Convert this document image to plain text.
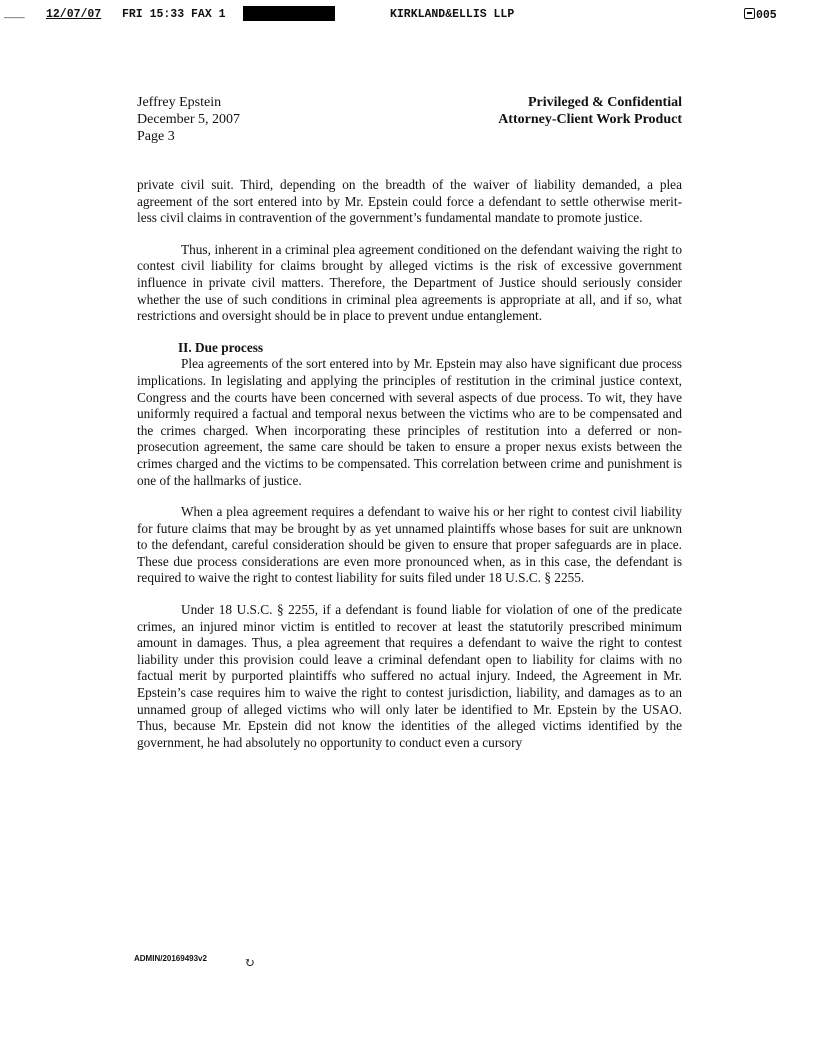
___ 12/07/07 FRI 15:33 FAX 1	KIRKLAND&ELLIS LLP	005
Jeffrey Epstein
December 5, 2007
Page 3
Privileged & Confidential
Attorney-Client Work Product

private civil suit. Third, depending on the breadth of the waiver of liability demanded, a plea agreement of the sort entered into by Mr. Epstein could force a defendant to settle otherwise merit-less civil claims in contravention of the government’s fundamental mandate to promote justice.

Thus, inherent in a criminal plea agreement conditioned on the defendant waiving the right to contest civil liability for claims brought by alleged victims is the risk of excessive government influence in private civil matters. Therefore, the Department of Justice should seriously consider whether the use of such conditions in criminal plea agreements is appropriate at all, and if so, what restrictions and oversight should be in place to prevent undue entanglement.

II. Due process

Plea agreements of the sort entered into by Mr. Epstein may also have significant due process implications. In legislating and applying the principles of restitution in the criminal justice context, Congress and the courts have been concerned with several aspects of due process. To wit, they have uniformly required a factual and temporal nexus between the victims who are to be compensated and the crimes charged. When incorporating these principles of restitution into a deferred or non-prosecution agreement, the same care should be taken to ensure a proper nexus exists between the crimes charged and the victims to be compensated. This correlation between crime and punishment is one of the hallmarks of justice.

When a plea agreement requires a defendant to waive his or her right to contest civil liability for future claims that may be brought by as yet unnamed plaintiffs whose bases for suit are unknown to the defendant, careful consideration should be given to ensure that proper safeguards are in place. These due process considerations are even more pronounced when, as in this case, the defendant is required to waive the right to contest liability for suits filed under 18 U.S.C. § 2255.

Under 18 U.S.C. § 2255, if a defendant is found liable for violation of one of the predicate crimes, an injured minor victim is entitled to recover at least the statutorily prescribed minimum amount in damages. Thus, a plea agreement that requires a defendant to waive the right to contest liability under this provision could leave a criminal defendant open to liability for claims with no factual merit by purported plaintiffs who suffered no actual injury. Indeed, the Agreement in Mr. Epstein’s case requires him to waive the right to contest jurisdiction, liability, and damages as to an unnamed group of alleged victims who will only later be identified to Mr. Epstein by the USAO. Thus, because Mr. Epstein did not know the identities of the alleged victims identified by the government, he had absolutely no opportunity to conduct even a cursory

ADMIN/20169493v2	↻
